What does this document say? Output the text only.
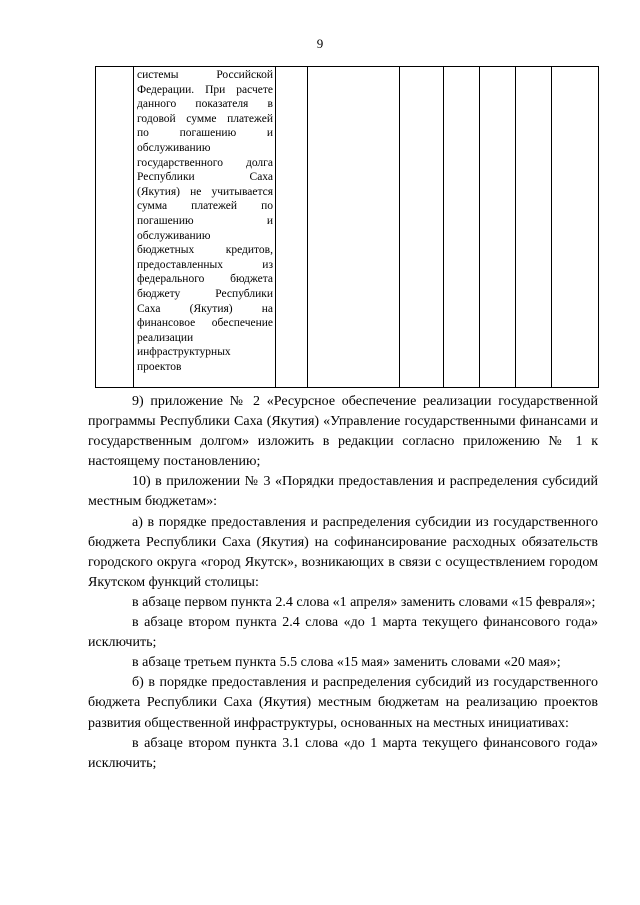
9

системы Российской
Федерации. При расчете
данного показателя в
годовой сумме платежей
по погашению и
обслуживанию
государственного долга
Республики Саха
(Якутия) не учитывается
сумма платежей по
погашению и
обслуживанию
бюджетных кредитов,
предоставленных из
федерального бюджета
бюджету Республики
Саха (Якутия) на
финансовое обеспечение
реализации
инфраструктурных
проектов

9) приложение № 2 «Ресурсное обеспечение реализации государственной программы Республики Саха (Якутия) «Управление государственными финансами и государственным долгом» изложить в редакции согласно приложению № 1 к настоящему постановлению;

10) в приложении № 3 «Порядки предоставления и распределения субсидий местным бюджетам»:

а) в порядке предоставления и распределения субсидии из государственного бюджета Республики Саха (Якутия) на софинансирование расходных обязательств городского округа «город Якутск», возникающих в связи с осуществлением городом Якутском функций столицы:

в абзаце первом пункта 2.4 слова «1 апреля» заменить словами «15 февраля»;

в абзаце втором пункта 2.4 слова «до 1 марта текущего финансового года» исключить;

в абзаце третьем пункта 5.5 слова «15 мая» заменить словами «20 мая»;

б) в порядке предоставления и распределения субсидий из государственного бюджета Республики Саха (Якутия) местным бюджетам на реализацию проектов развития общественной инфраструктуры, основанных на местных инициативах:

в абзаце втором пункта 3.1 слова «до 1 марта текущего финансового года» исключить;
